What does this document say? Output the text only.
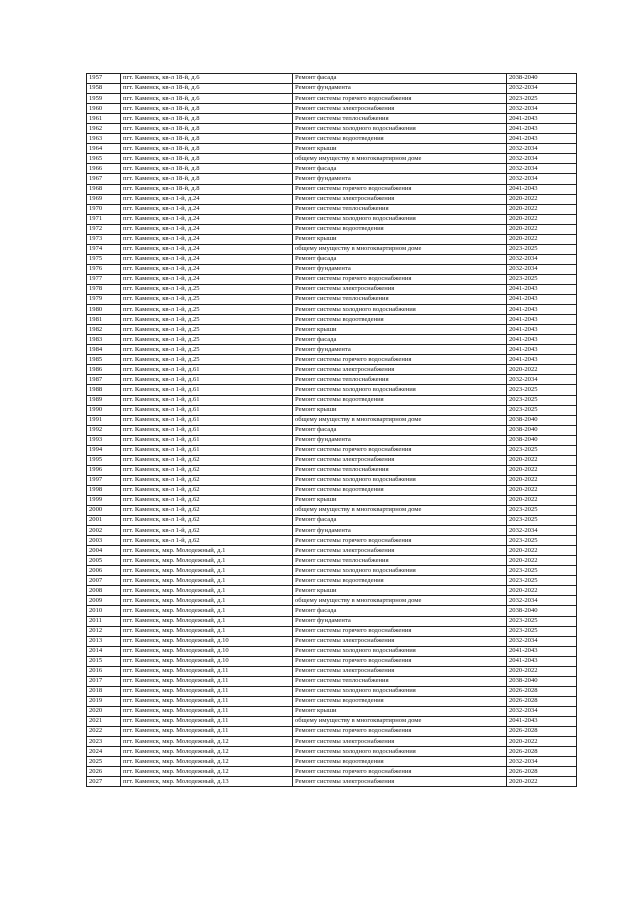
1957	пгт. Каменск, кв-л 18-й, д.6	Ремонт фасада	2038-2040
1958	пгт. Каменск, кв-л 18-й, д.6	Ремонт фундамента	2032-2034
1959	пгт. Каменск, кв-л 18-й, д.6	Ремонт системы горячего водоснабжения	2023-2025
1960	пгт. Каменск, кв-л 18-й, д.8	Ремонт системы электроснабжения	2032-2034
1961	пгт. Каменск, кв-л 18-й, д.8	Ремонт системы теплоснабжения	2041-2043
1962	пгт. Каменск, кв-л 18-й, д.8	Ремонт системы холодного водоснабжения	2041-2043
1963	пгт. Каменск, кв-л 18-й, д.8	Ремонт системы водоотведения	2041-2043
1964	пгт. Каменск, кв-л 18-й, д.8	Ремонт крыши	2032-2034
1965	пгт. Каменск, кв-л 18-й, д.8	общему имуществу в многоквартирном доме	2032-2034
1966	пгт. Каменск, кв-л 18-й, д.8	Ремонт фасада	2032-2034
1967	пгт. Каменск, кв-л 18-й, д.8	Ремонт фундамента	2032-2034
1968	пгт. Каменск, кв-л 18-й, д.8	Ремонт системы горячего водоснабжения	2041-2043
1969	пгт. Каменск, кв-л 1-й, д.24	Ремонт системы электроснабжения	2020-2022
1970	пгт. Каменск, кв-л 1-й, д.24	Ремонт системы теплоснабжения	2020-2022
1971	пгт. Каменск, кв-л 1-й, д.24	Ремонт системы холодного водоснабжения	2020-2022
1972	пгт. Каменск, кв-л 1-й, д.24	Ремонт системы водоотведения	2020-2022
1973	пгт. Каменск, кв-л 1-й, д.24	Ремонт крыши	2020-2022
1974	пгт. Каменск, кв-л 1-й, д.24	общему имуществу в многоквартирном доме	2023-2025
1975	пгт. Каменск, кв-л 1-й, д.24	Ремонт фасада	2032-2034
1976	пгт. Каменск, кв-л 1-й, д.24	Ремонт фундамента	2032-2034
1977	пгт. Каменск, кв-л 1-й, д.24	Ремонт системы горячего водоснабжения	2023-2025
1978	пгт. Каменск, кв-л 1-й, д.25	Ремонт системы электроснабжения	2041-2043
1979	пгт. Каменск, кв-л 1-й, д.25	Ремонт системы теплоснабжения	2041-2043
1980	пгт. Каменск, кв-л 1-й, д.25	Ремонт системы холодного водоснабжения	2041-2043
1981	пгт. Каменск, кв-л 1-й, д.25	Ремонт системы водоотведения	2041-2043
1982	пгт. Каменск, кв-л 1-й, д.25	Ремонт крыши	2041-2043
1983	пгт. Каменск, кв-л 1-й, д.25	Ремонт фасада	2041-2043
1984	пгт. Каменск, кв-л 1-й, д.25	Ремонт фундамента	2041-2043
1985	пгт. Каменск, кв-л 1-й, д.25	Ремонт системы горячего водоснабжения	2041-2043
1986	пгт. Каменск, кв-л 1-й, д.61	Ремонт системы электроснабжения	2020-2022
1987	пгт. Каменск, кв-л 1-й, д.61	Ремонт системы теплоснабжения	2032-2034
1988	пгт. Каменск, кв-л 1-й, д.61	Ремонт системы холодного водоснабжения	2023-2025
1989	пгт. Каменск, кв-л 1-й, д.61	Ремонт системы водоотведения	2023-2025
1990	пгт. Каменск, кв-л 1-й, д.61	Ремонт крыши	2023-2025
1991	пгт. Каменск, кв-л 1-й, д.61	общему имуществу в многоквартирном доме	2038-2040
1992	пгт. Каменск, кв-л 1-й, д.61	Ремонт фасада	2038-2040
1993	пгт. Каменск, кв-л 1-й, д.61	Ремонт фундамента	2038-2040
1994	пгт. Каменск, кв-л 1-й, д.61	Ремонт системы горячего водоснабжения	2023-2025
1995	пгт. Каменск, кв-л 1-й, д.62	Ремонт системы электроснабжения	2020-2022
1996	пгт. Каменск, кв-л 1-й, д.62	Ремонт системы теплоснабжения	2020-2022
1997	пгт. Каменск, кв-л 1-й, д.62	Ремонт системы холодного водоснабжения	2020-2022
1998	пгт. Каменск, кв-л 1-й, д.62	Ремонт системы водоотведения	2020-2022
1999	пгт. Каменск, кв-л 1-й, д.62	Ремонт крыши	2020-2022
2000	пгт. Каменск, кв-л 1-й, д.62	общему имуществу в многоквартирном доме	2023-2025
2001	пгт. Каменск, кв-л 1-й, д.62	Ремонт фасада	2023-2025
2002	пгт. Каменск, кв-л 1-й, д.62	Ремонт фундамента	2032-2034
2003	пгт. Каменск, кв-л 1-й, д.62	Ремонт системы горячего водоснабжения	2023-2025
2004	пгт. Каменск, мкр. Молодежный, д.1	Ремонт системы электроснабжения	2020-2022
2005	пгт. Каменск, мкр. Молодежный, д.1	Ремонт системы теплоснабжения	2020-2022
2006	пгт. Каменск, мкр. Молодежный, д.1	Ремонт системы холодного водоснабжения	2023-2025
2007	пгт. Каменск, мкр. Молодежный, д.1	Ремонт системы водоотведения	2023-2025
2008	пгт. Каменск, мкр. Молодежный, д.1	Ремонт крыши	2020-2022
2009	пгт. Каменск, мкр. Молодежный, д.1	общему имуществу в многоквартирном доме	2032-2034
2010	пгт. Каменск, мкр. Молодежный, д.1	Ремонт фасада	2038-2040
2011	пгт. Каменск, мкр. Молодежный, д.1	Ремонт фундамента	2023-2025
2012	пгт. Каменск, мкр. Молодежный, д.1	Ремонт системы горячего водоснабжения	2023-2025
2013	пгт. Каменск, мкр. Молодежный, д.10	Ремонт системы электроснабжения	2032-2034
2014	пгт. Каменск, мкр. Молодежный, д.10	Ремонт системы холодного водоснабжения	2041-2043
2015	пгт. Каменск, мкр. Молодежный, д.10	Ремонт системы горячего водоснабжения	2041-2043
2016	пгт. Каменск, мкр. Молодежный, д.11	Ремонт системы электроснабжения	2020-2022
2017	пгт. Каменск, мкр. Молодежный, д.11	Ремонт системы теплоснабжения	2038-2040
2018	пгт. Каменск, мкр. Молодежный, д.11	Ремонт системы холодного водоснабжения	2026-2028
2019	пгт. Каменск, мкр. Молодежный, д.11	Ремонт системы водоотведения	2026-2028
2020	пгт. Каменск, мкр. Молодежный, д.11	Ремонт крыши	2032-2034
2021	пгт. Каменск, мкр. Молодежный, д.11	общему имуществу в многоквартирном доме	2041-2043
2022	пгт. Каменск, мкр. Молодежный, д.11	Ремонт системы горячего водоснабжения	2026-2028
2023	пгт. Каменск, мкр. Молодежный, д.12	Ремонт системы электроснабжения	2020-2022
2024	пгт. Каменск, мкр. Молодежный, д.12	Ремонт системы холодного водоснабжения	2026-2028
2025	пгт. Каменск, мкр. Молодежный, д.12	Ремонт системы водоотведения	2032-2034
2026	пгт. Каменск, мкр. Молодежный, д.12	Ремонт системы горячего водоснабжения	2026-2028
2027	пгт. Каменск, мкр. Молодежный, д.13	Ремонт системы электроснабжения	2020-2022
